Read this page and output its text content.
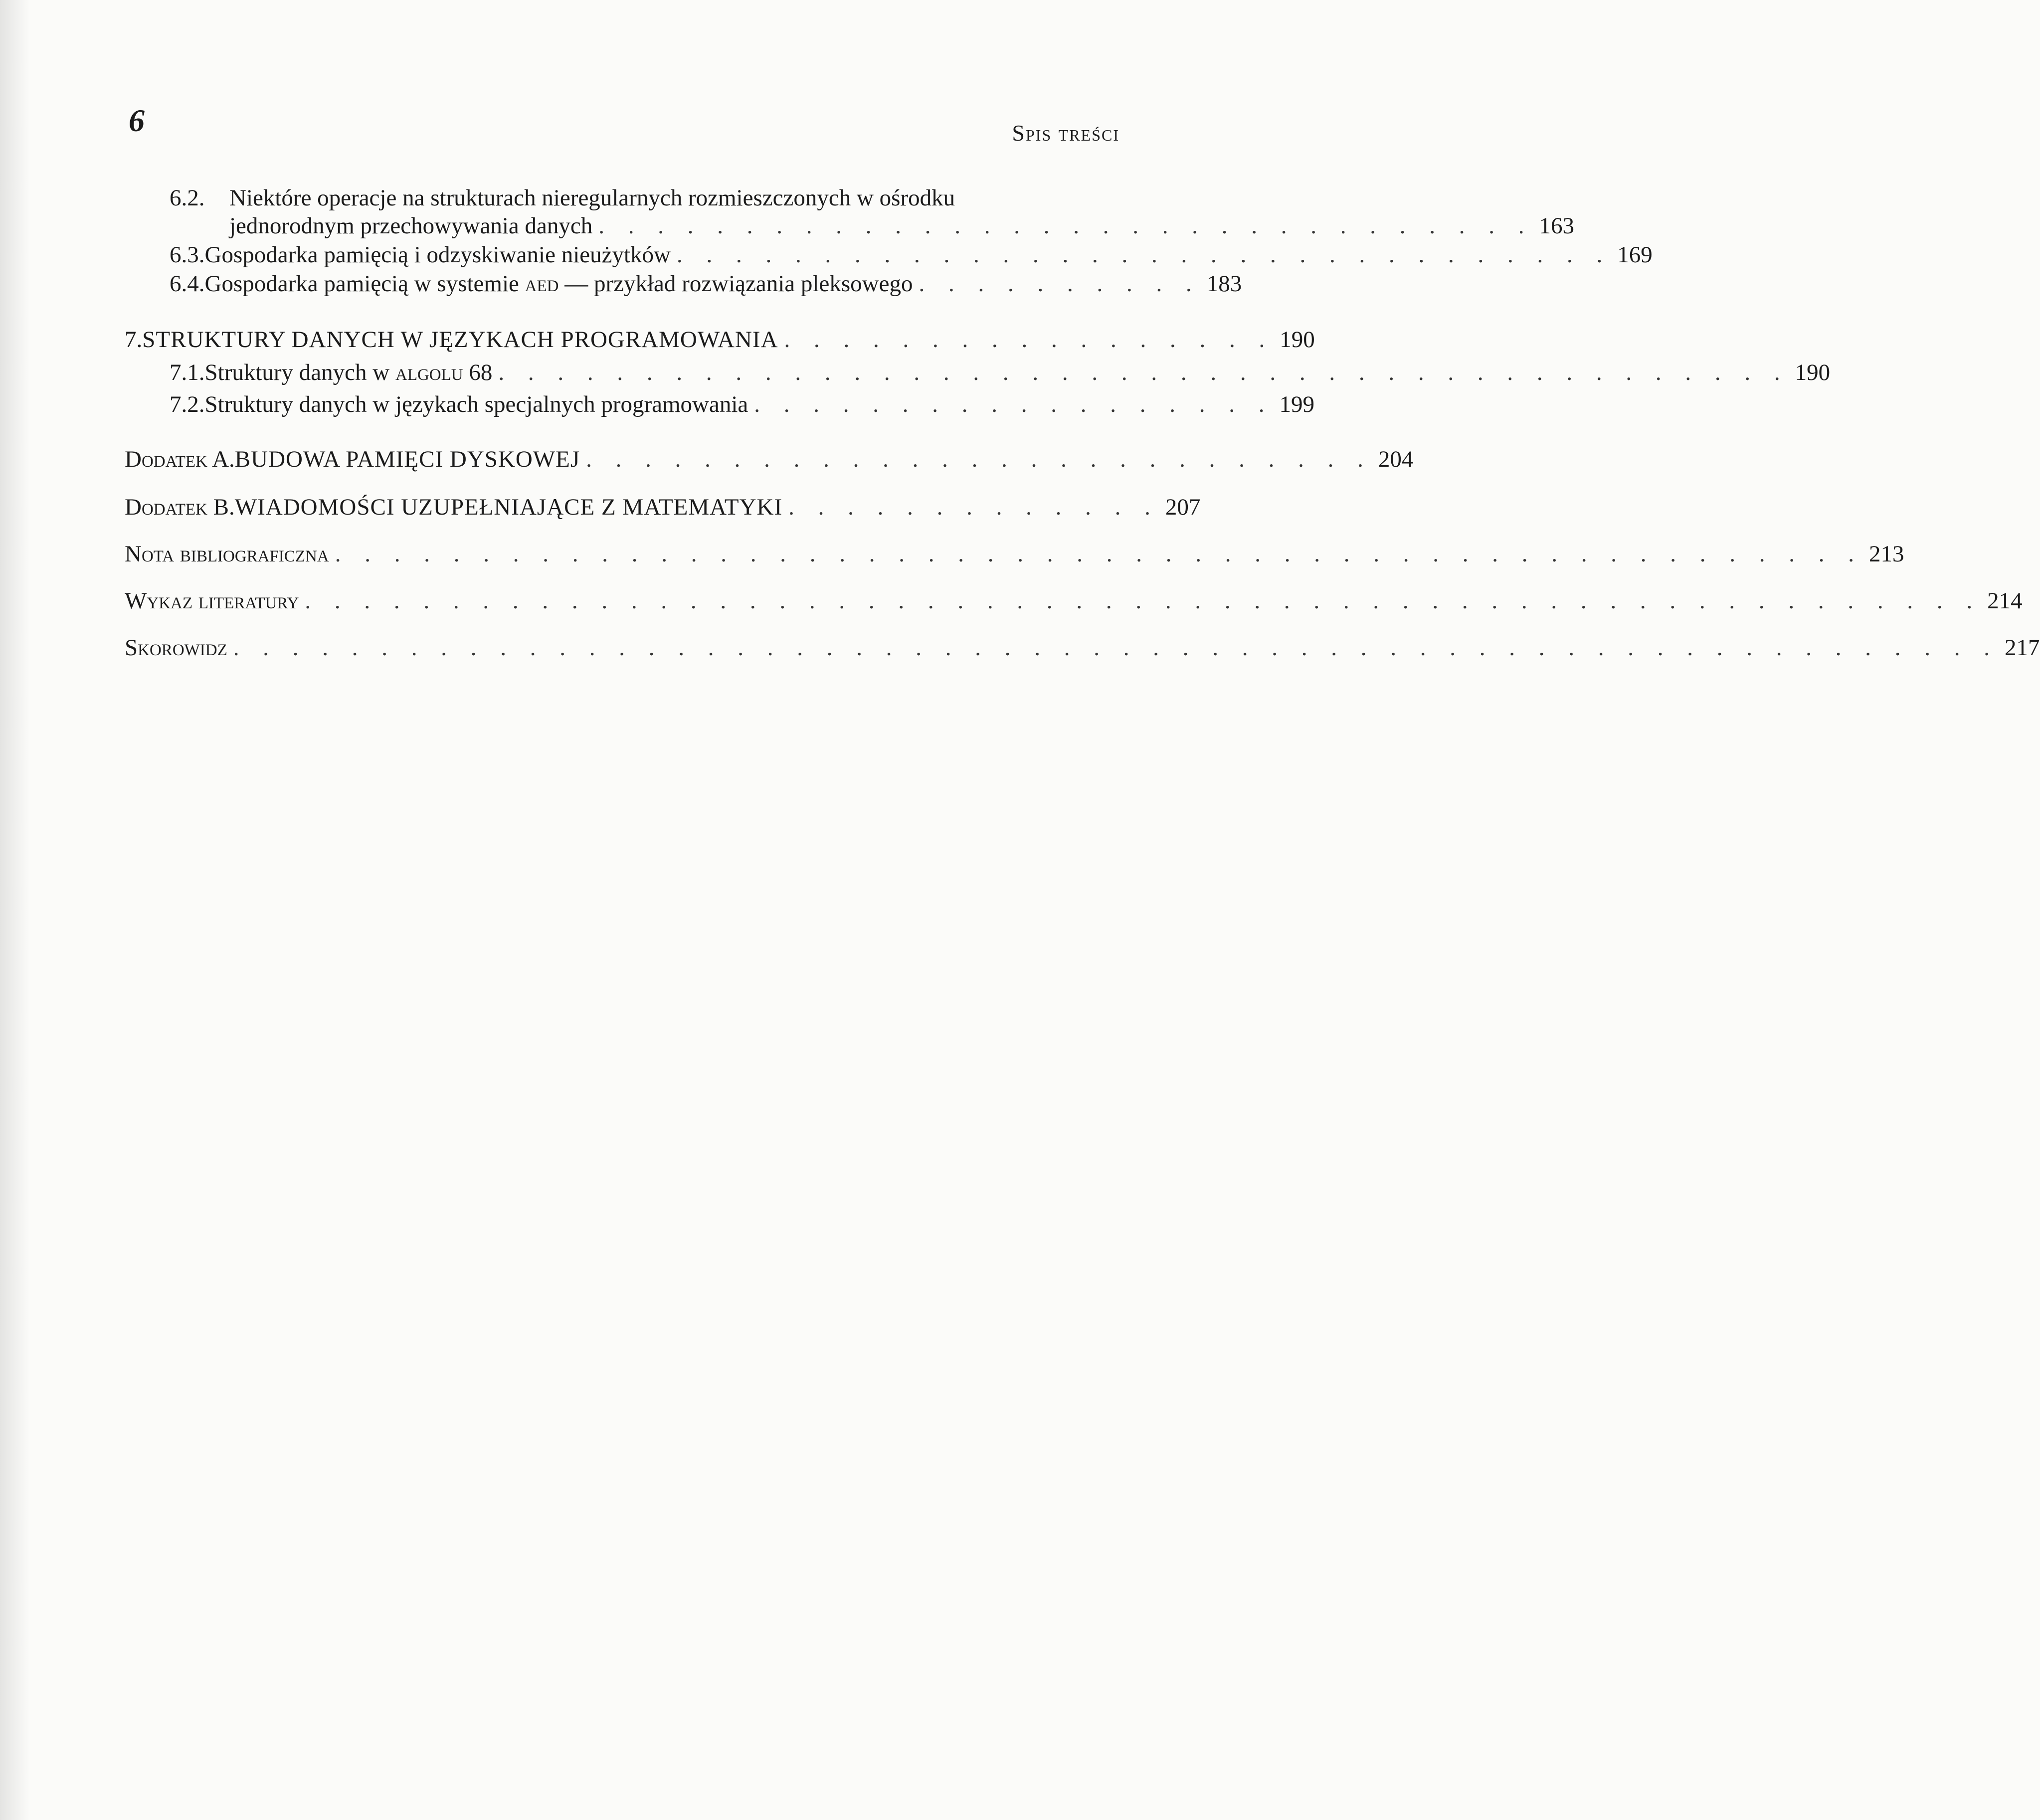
6	Spis treści
6.2.	Niektóre operacje na strukturach nieregularnych rozmieszczonych w ośrodku
jednorodnym przechowywania danych . . . . . . . . . . . . . . . . . . . . . . . . . . . . . . . . 163
6.3. Gospodarka pamięcią i odzyskiwanie nieużytków . . . . . . . . . . . . . . . . . . . . . . . . . . . . . . . . 169
6.4. Gospodarka pamięcią w systemie aed — przykład rozwiązania pleksowego . . . . . . . . . . 183
7. STRUKTURY DANYCH W JĘZYKACH PROGRAMOWANIA . . . . . . . . . . . . . . . . . 190
7.1. Struktury danych w algolu 68 . . . . . . . . . . . . . . . . . . . . . . . . . . . . . . . . . . . . . . . . . . . . 190
7.2. Struktury danych w językach specjalnych programowania . . . . . . . . . . . . . . . . . . 199
Dodatek A. BUDOWA PAMIĘCI DYSKOWEJ . . . . . . . . . . . . . . . . . . . . . . . . . . . 204
Dodatek B. WIADOMOŚCI UZUPEŁNIAJĄCE Z MATEMATYKI . . . . . . . . . . . . . 207
Nota bibliograficzna . . . . . . . . . . . . . . . . . . . . . . . . . . . . . . . . . . . . . . . . . . . . . . . . . . . . 213
Wykaz literatury . . . . . . . . . . . . . . . . . . . . . . . . . . . . . . . . . . . . . . . . . . . . . . . . . . . . . . . . . 214
Skorowidz . . . . . . . . . . . . . . . . . . . . . . . . . . . . . . . . . . . . . . . . . . . . . . . . . . . . . . . . . . . . 217
